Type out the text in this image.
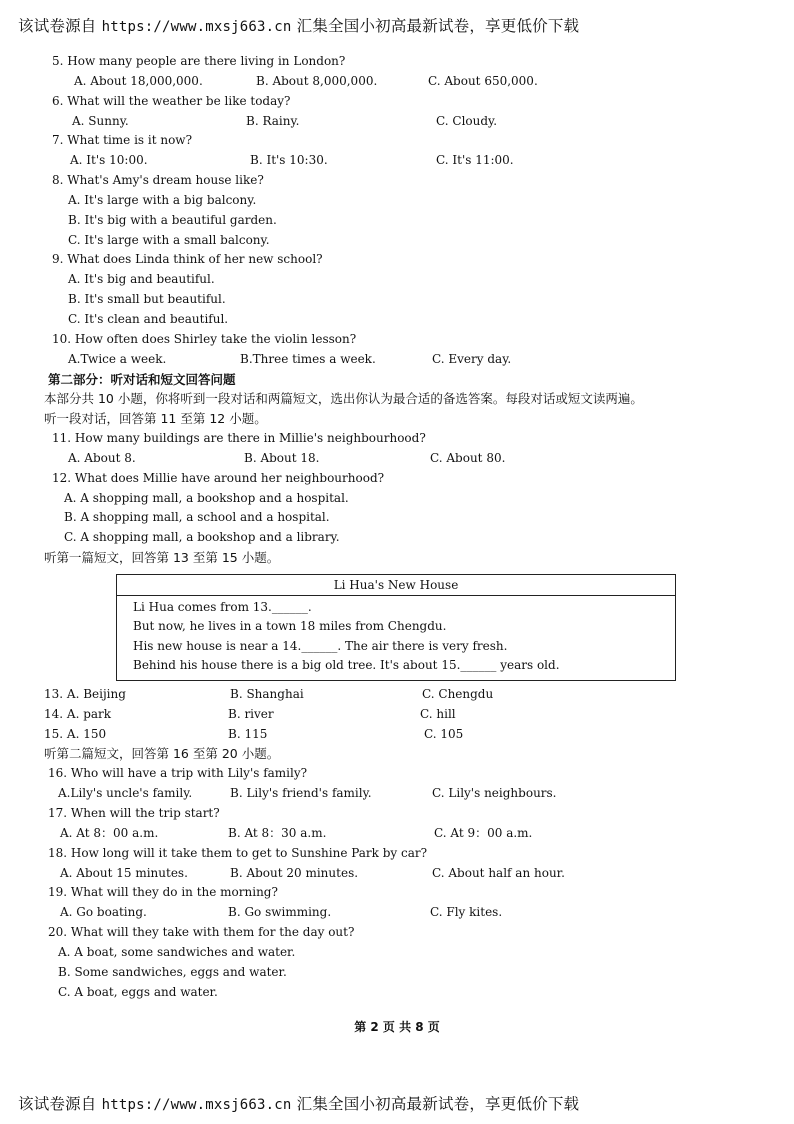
该试卷源自 https://www.mxsj663.cn 汇集全国小初高最新试卷，享更低价下载
5. How many people are there living in London?
A. About 18,000,000.	B. About 8,000,000.	C. About 650,000.
6. What will the weather be like today?
A. Sunny.	B. Rainy.	C. Cloudy.
7. What time is it now?
A. It's 10:00.	B. It's 10:30.	C. It's 11:00.
8. What's Amy's dream house like?
A. It's large with a big balcony.
B. It's big with a beautiful garden.
C. It's large with a small balcony.
9. What does Linda think of her new school?
A. It's big and beautiful.
B. It's small but beautiful.
C. It's clean and beautiful.
10. How often does Shirley take the violin lesson?
A.Twice a week.	B.Three times a week.	C. Every day.
第二部分：听对话和短文回答问题
本部分共 10 小题，你将听到一段对话和两篇短文，选出你认为最合适的备选答案。每段对话或短文读两遍。
听一段对话，回答第 11 至第 12 小题。
11. How many buildings are there in Millie's neighbourhood?
A. About 8.	B. About 18.	C. About 80.
12. What does Millie have around her neighbourhood?
A. A shopping mall, a bookshop and a hospital.
B. A shopping mall, a school and a hospital.
C. A shopping mall, a bookshop and a library.
听第一篇短文，回答第 13 至第 15 小题。
Li Hua's New House
Li Hua comes from 13.______.
But now, he lives in a town 18 miles from Chengdu.
His new house is near a 14.______. The air there is very fresh.
Behind his house there is a big old tree. It's about 15.______ years old.
13. A. Beijing	B. Shanghai	C. Chengdu
14. A. park	B. river	C. hill
15. A. 150	B. 115	C. 105
听第二篇短文，回答第 16 至第 20 小题。
16. Who will have a trip with Lily's family?
A.Lily's uncle's family.	B. Lily's friend's family.	C. Lily's neighbours.
17. When will the trip start?
A. At 8：00 a.m.	B. At 8：30 a.m.	C. At 9：00 a.m.
18. How long will it take them to get to Sunshine Park by car?
A. About 15 minutes.	B. About 20 minutes.	C. About half an hour.
19. What will they do in the morning?
A. Go boating.	B. Go swimming.	C. Fly kites.
20. What will they take with them for the day out?
A. A boat, some sandwiches and water.
B. Some sandwiches, eggs and water.
C. A boat, eggs and water.
第 2 页 共 8 页
该试卷源自 https://www.mxsj663.cn 汇集全国小初高最新试卷，享更低价下载
